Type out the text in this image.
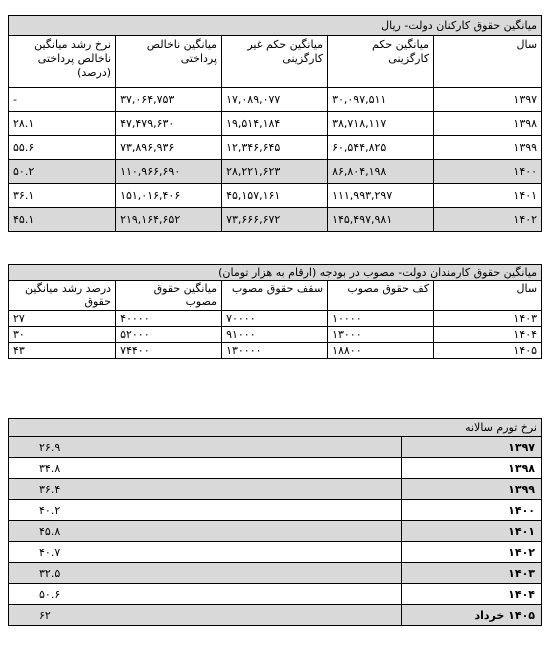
میانگین حقوق کارکنان دولت- ریال				
سال	میانگین حکم کارگزینی	میانگین حکم غیر کارگزینی	میانگین ناخالص پرداختی	نرخ رشد میانگین ناخالص پرداختی (درصد)
۱۳۹۷	۳۰,۰۹۷,۵۱۱	۱۷,۰۸۹,۰۷۷	۳۷,۰۶۴,۷۵۳	-
۱۳۹۸	۳۸,۷۱۸,۱۱۷	۱۹,۵۱۴,۱۸۴	۴۷,۴۷۹,۶۳۰	۲۸.۱
۱۳۹۹	۶۰,۵۴۴,۸۲۵	۱۲,۳۴۶,۶۴۵	۷۳,۸۹۶,۹۳۶	۵۵.۶
۱۴۰۰	۸۶,۸۰۴,۱۹۸	۲۸,۲۲۱,۶۲۳	۱۱۰,۹۶۶,۶۹۰	۵۰.۲
۱۴۰۱	۱۱۱,۹۹۳,۲۹۷	۴۵,۱۵۷,۱۶۱	۱۵۱,۰۱۶,۴۰۶	۳۶.۱
۱۴۰۲	۱۴۵,۴۹۷,۹۸۱	۷۳,۶۶۶,۶۷۲	۲۱۹,۱۶۴,۶۵۲	۴۵.۱
میانگین حقوق کارمندان دولت- مصوب در بودجه (ارقام به هزار تومان)				
سال	کف حقوق مصوب	سقف حقوق مصوب	میانگین حقوق مصوب	درصد رشد میانگین حقوق
۱۴۰۳	۱۰۰۰۰	۷۰۰۰۰	۴۰۰۰۰	۲۷
۱۴۰۴	۱۳۰۰۰	۹۱۰۰۰	۵۲۰۰۰	۳۰
۱۴۰۵	۱۸۸۰۰	۱۳۰۰۰۰	۷۴۴۰۰	۴۳
نرخ تورم سالانه	
۱۳۹۷	۲۶.۹
۱۳۹۸	۳۴.۸
۱۳۹۹	۳۶.۴
۱۴۰۰	۴۰.۲
۱۴۰۱	۴۵.۸
۱۴۰۲	۴۰.۷
۱۴۰۳	۳۲.۵
۱۴۰۴	۵۰.۶
۱۴۰۵ خرداد	۶۲
